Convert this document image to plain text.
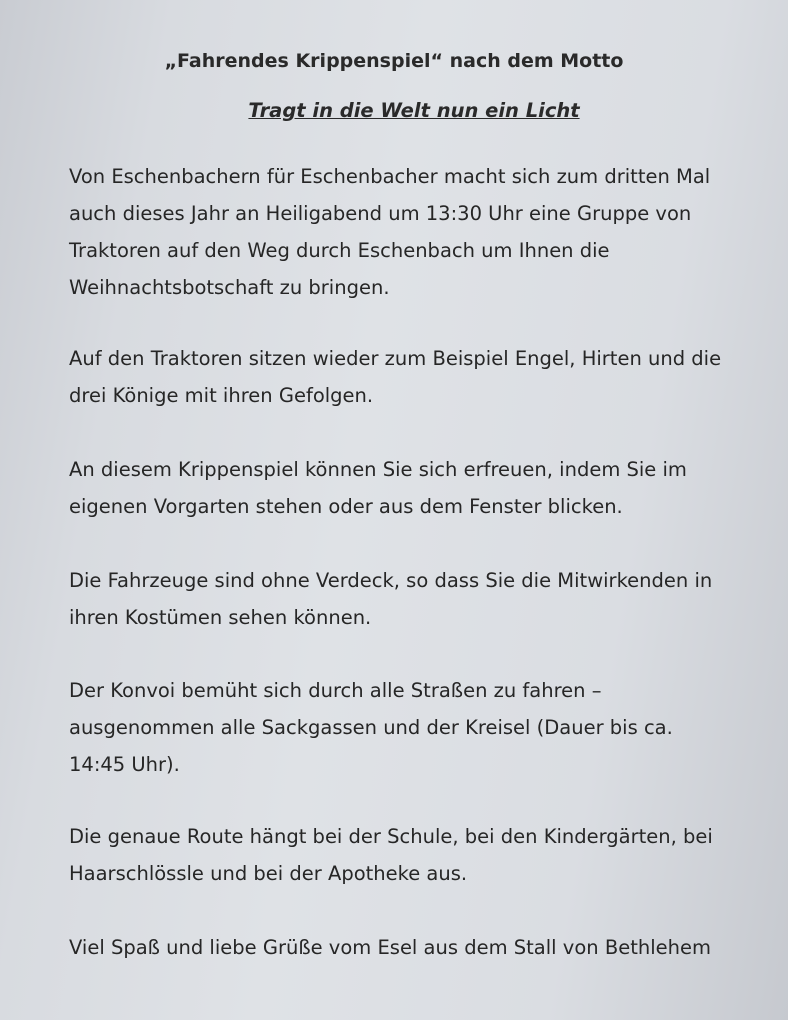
„Fahrendes Krippenspiel“ nach dem Motto
Tragt in die Welt nun ein Licht
Von Eschenbachern für Eschenbacher macht sich zum dritten Mal
auch dieses Jahr an Heiligabend um 13:30 Uhr eine Gruppe von
Traktoren auf den Weg durch Eschenbach um Ihnen die
Weihnachtsbotschaft zu bringen.
Auf den Traktoren sitzen wieder zum Beispiel Engel, Hirten und die
drei Könige mit ihren Gefolgen.
An diesem Krippenspiel können Sie sich erfreuen, indem Sie im
eigenen Vorgarten stehen oder aus dem Fenster blicken.
Die Fahrzeuge sind ohne Verdeck, so dass Sie die Mitwirkenden in
ihren Kostümen sehen können.
Der Konvoi bemüht sich durch alle Straßen zu fahren –
ausgenommen alle Sackgassen und der Kreisel (Dauer bis ca.
14:45 Uhr).
Die genaue Route hängt bei der Schule, bei den Kindergärten, bei
Haarschlössle und bei der Apotheke aus.
Viel Spaß und liebe Grüße vom Esel aus dem Stall von Bethlehem
